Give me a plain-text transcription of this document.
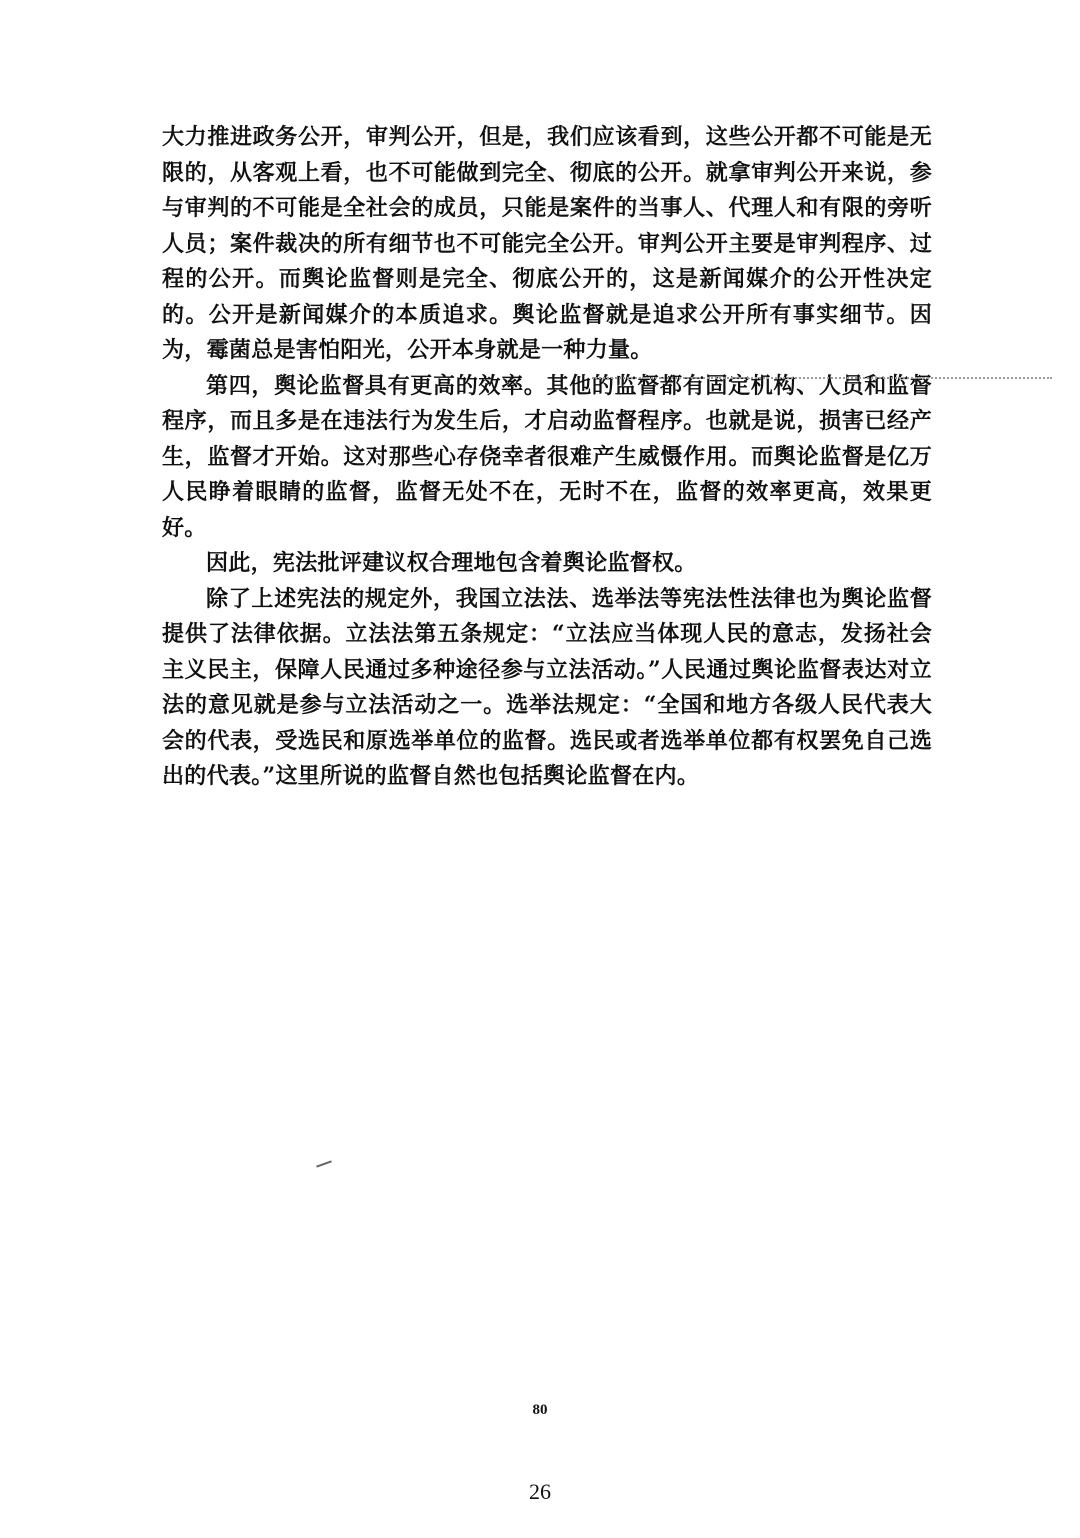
大力推进政务公开，审判公开，但是，我们应该看到，这些公开都不可能是无限的，从客观上看，也不可能做到完全、彻底的公开。就拿审判公开来说，参与审判的不可能是全社会的成员，只能是案件的当事人、代理人和有限的旁听人员；案件裁决的所有细节也不可能完全公开。审判公开主要是审判程序、过程的公开。而舆论监督则是完全、彻底公开的，这是新闻媒介的公开性决定的。公开是新闻媒介的本质追求。舆论监督就是追求公开所有事实细节。因为，霉菌总是害怕阳光，公开本身就是一种力量。

第四，舆论监督具有更高的效率。其他的监督都有固定机构、人员和监督程序，而且多是在违法行为发生后，才启动监督程序。也就是说，损害已经产生，监督才开始。这对那些心存侥幸者很难产生威慑作用。而舆论监督是亿万人民睁着眼睛的监督，监督无处不在，无时不在，监督的效率更高，效果更好。

因此，宪法批评建议权合理地包含着舆论监督权。

除了上述宪法的规定外，我国立法法、选举法等宪法性法律也为舆论监督提供了法律依据。立法法第五条规定：“立法应当体现人民的意志，发扬社会主义民主，保障人民通过多种途径参与立法活动。”人民通过舆论监督表达对立法的意见就是参与立法活动之一。选举法规定：“全国和地方各级人民代表大会的代表，受选民和原选举单位的监督。选民或者选举单位都有权罢免自己选出的代表。”这里所说的监督自然也包括舆论监督在内。

80
26
